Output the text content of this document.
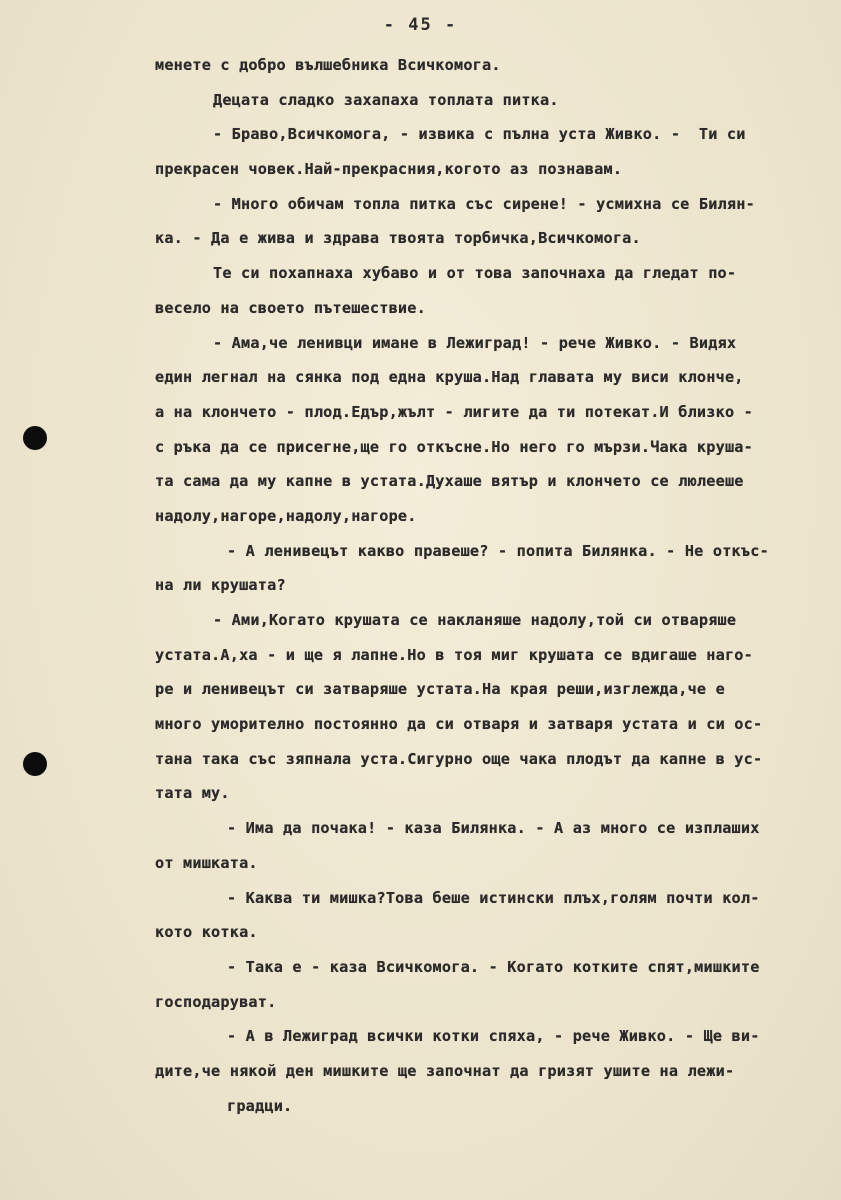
- 45 -
менете с добро вълшебника Всичкомога.
Децата сладко захапаха топлата питка.
- Браво,Всичкомога, - извика с пълна уста Живко. -  Ти си
прекрасен човек.Най-прекрасния,когото аз познавам.
- Много обичам топла питка със сирене! - усмихна се Билян-
ка. - Да е жива и здрава твоята торбичка,Всичкомога.
Те си похапнаха хубаво и от това започнаха да гледат по-
весело на своето пътешествие.
- Ама,че ленивци имане в Лежиград! - рече Живко. - Видях
един легнал на сянка под една круша.Над главата му виси клонче,
а на клончето - плод.Едър,жълт - лигите да ти потекат.И близко -
с ръка да се присегне,ще го откъсне.Но него го мързи.Чака круша-
та сама да му капне в устата.Духаше вятър и клончето се люлееше
надолу,нагоре,надолу,нагоре.
- А ленивецът какво правеше? - попита Билянка. - Не откъс-
на ли крушата?
- Ами,Когато крушата се накланяше надолу,той си отваряше
устата.А,ха - и ще я лапне.Но в тоя миг крушата се вдигаше наго-
ре и ленивецът си затваряше устата.На края реши,изглежда,че е
много уморително постоянно да си отваря и затваря устата и си ос-
тана така със зяпнала уста.Сигурно още чака плодът да капне в ус-
тата му.
- Има да почака! - каза Билянка. - А аз много се изплаших
от мишката.
- Каква ти мишка?Това беше истински плъх,голям почти кол-
кото котка.
- Така е - каза Всичкомога. - Когато котките спят,мишките
господаруват.
- А в Лежиград всички котки спяха, - рече Живко. - Ще ви-
дите,че някой ден мишките ще започнат да гризят ушите на лежи-
градци.
